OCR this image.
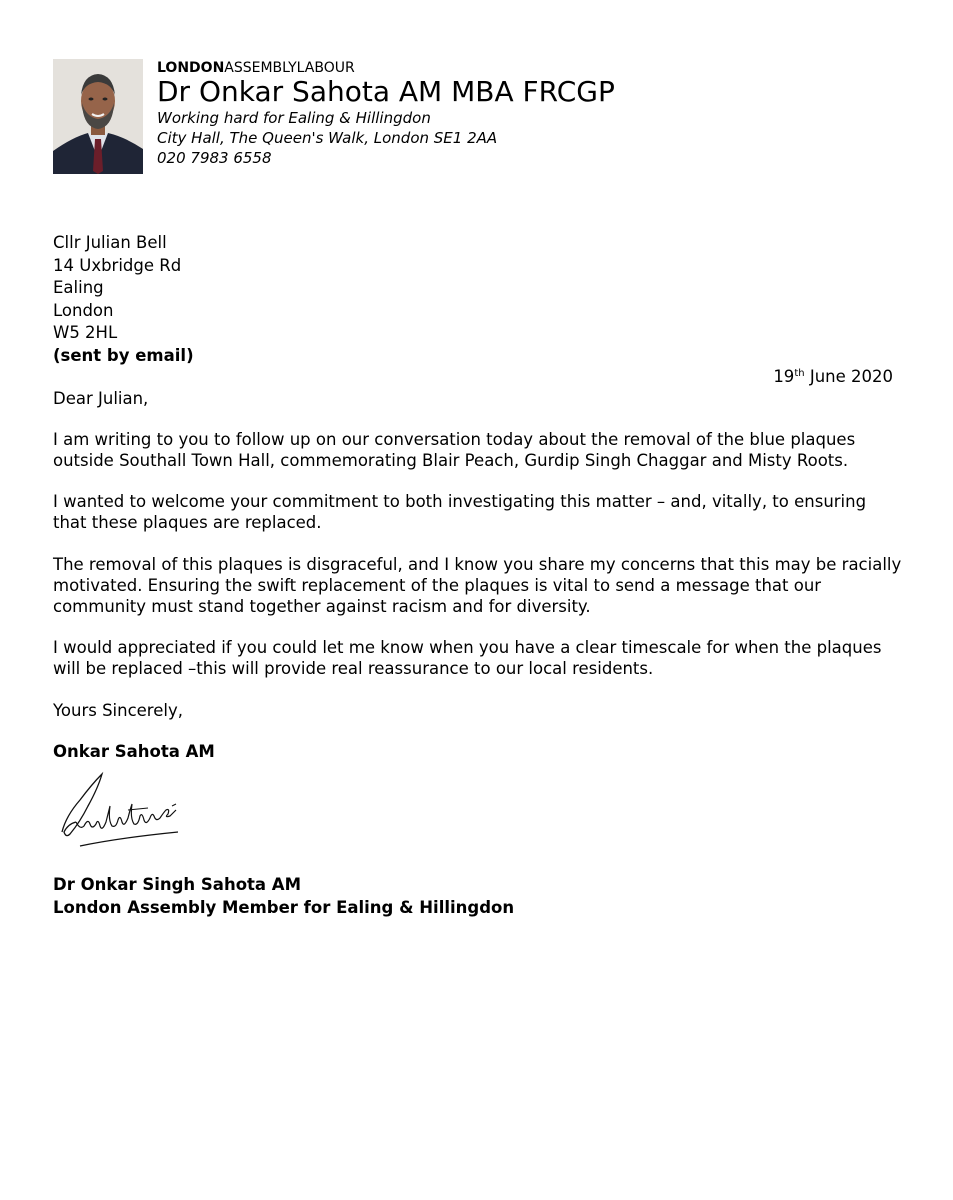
LONDONASSEMBLYLABOUR
Dr Onkar Sahota AM MBA FRCGP
Working hard for Ealing & Hillingdon
City Hall, The Queen's Walk, London SE1 2AA
020 7983 6558
Cllr Julian Bell
14 Uxbridge Rd
Ealing
London
W5 2HL
(sent by email)
19th June 2020
Dear Julian,
I am writing to you to follow up on our conversation today about the removal of the blue plaques outside Southall Town Hall, commemorating Blair Peach, Gurdip Singh Chaggar and Misty Roots.
I wanted to welcome your commitment to both investigating this matter – and, vitally, to ensuring that these plaques are replaced.
The removal of this plaques is disgraceful, and I know you share my concerns that this may be racially motivated. Ensuring the swift replacement of the plaques is vital to send a message that our community must stand together against racism and for diversity.
I would appreciated if you could let me know when you have a clear timescale for when the plaques will be replaced –this will provide real reassurance to our local residents.
Yours Sincerely,
Onkar Sahota AM
Dr Onkar Singh Sahota AM
London Assembly Member for Ealing & Hillingdon
